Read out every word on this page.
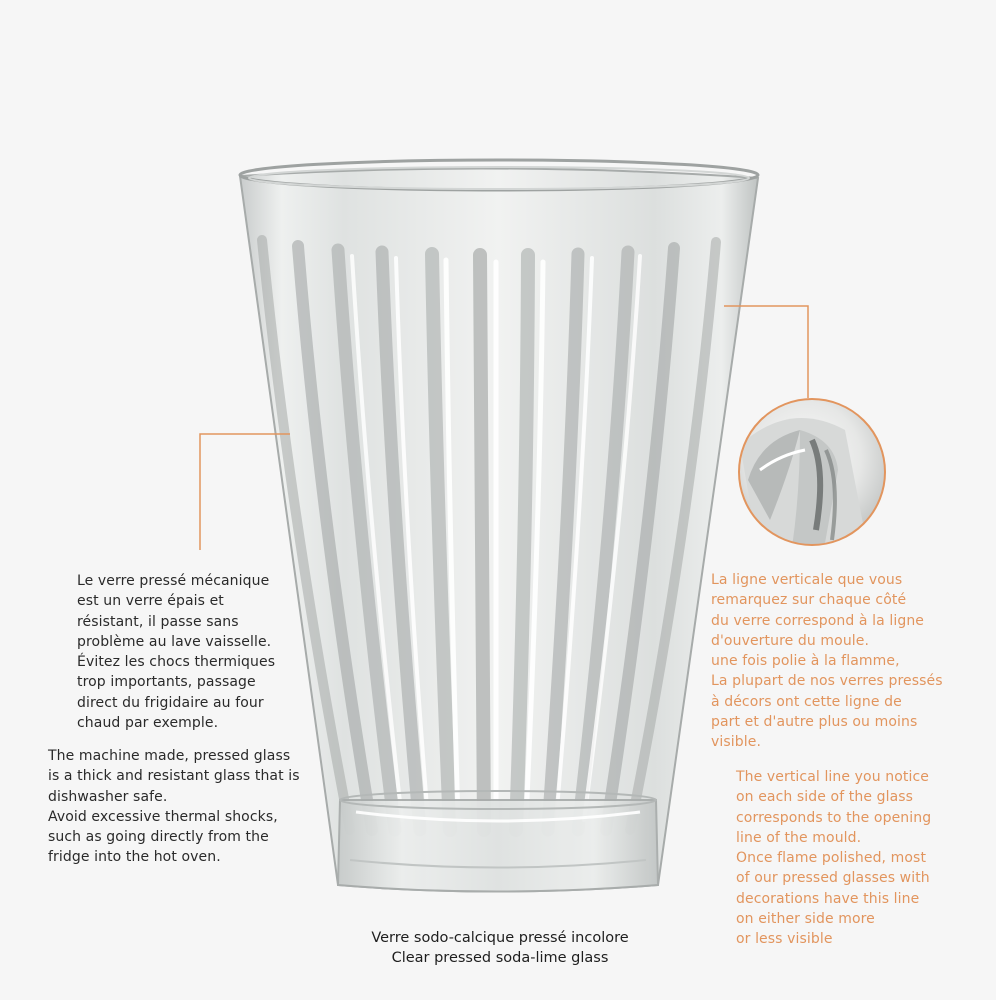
Le verre pressé mécanique
est un verre épais et
résistant, il passe sans
problème au lave vaisselle.
Évitez les chocs thermiques
trop importants, passage
direct du frigidaire au four
chaud par exemple.
The machine made, pressed glass
is a thick and resistant glass that is
dishwasher safe.
Avoid excessive thermal shocks,
such as going directly from the
fridge into the hot oven.
La ligne verticale que vous
remarquez sur chaque côté
du verre correspond à la ligne
d'ouverture du moule.
une fois polie à la flamme,
La plupart de nos verres pressés
à décors ont cette ligne de
part et d'autre plus ou moins
visible.
The vertical line you notice
on each side of the glass
corresponds to the opening
line of the mould.
Once flame polished, most
of our pressed glasses with
decorations have this line
on either side more
or less visible
Verre sodo-calcique pressé incolore
Clear pressed soda-lime glass
